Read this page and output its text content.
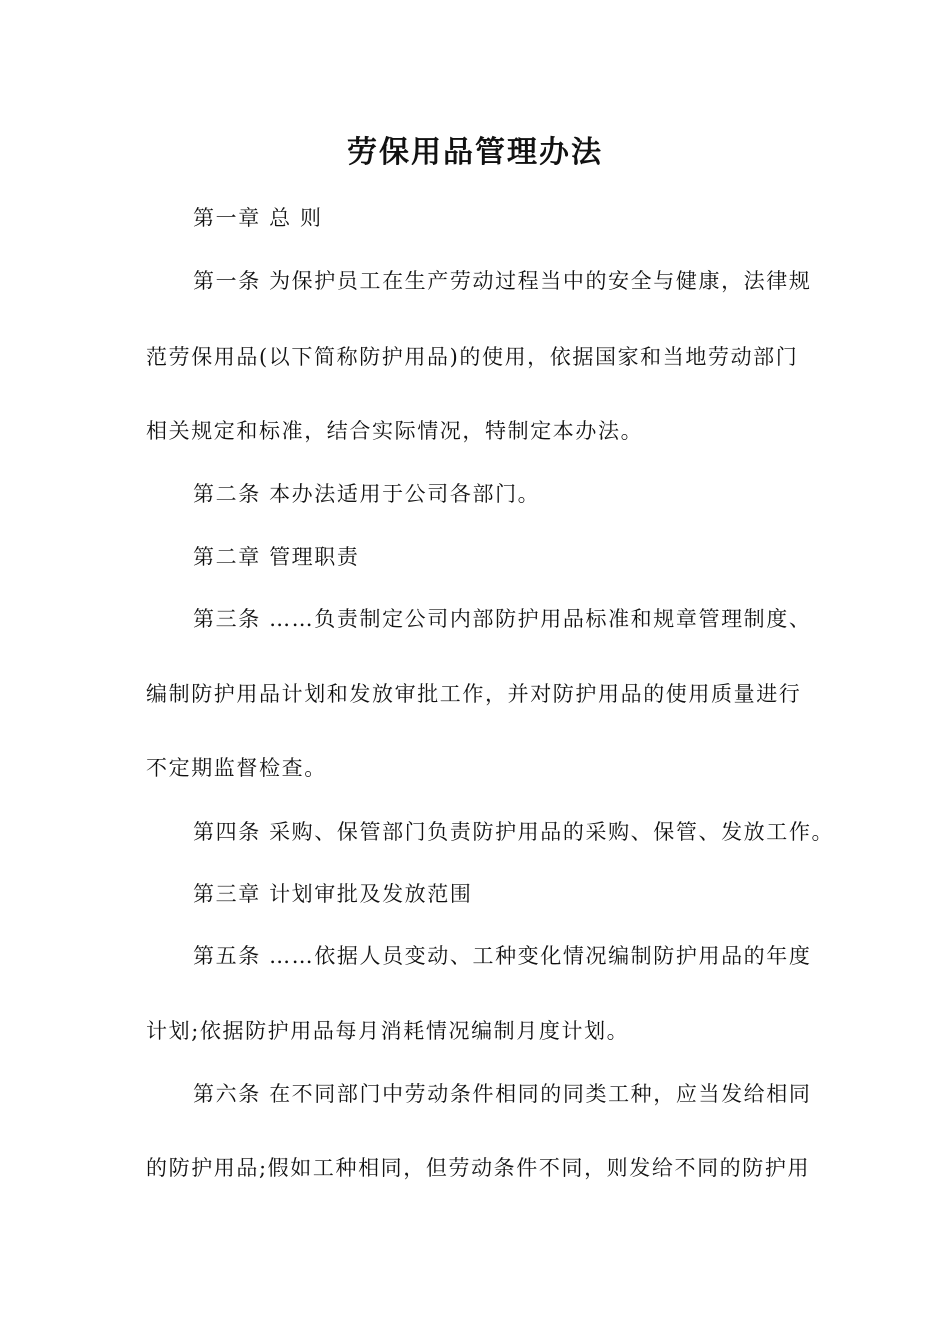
劳保用品管理办法
第一章 总 则
第一条 为保护员工在生产劳动过程当中的安全与健康，法律规
范劳保用品(以下简称防护用品)的使用，依据国家和当地劳动部门
相关规定和标准，结合实际情况，特制定本办法。
第二条 本办法适用于公司各部门。
第二章 管理职责
第三条 ……负责制定公司内部防护用品标准和规章管理制度、
编制防护用品计划和发放审批工作，并对防护用品的使用质量进行
不定期监督检查。
第四条 采购、保管部门负责防护用品的采购、保管、发放工作。
第三章 计划审批及发放范围
第五条 ……依据人员变动、工种变化情况编制防护用品的年度
计划;依据防护用品每月消耗情况编制月度计划。
第六条 在不同部门中劳动条件相同的同类工种，应当发给相同
的防护用品;假如工种相同，但劳动条件不同，则发给不同的防护用
